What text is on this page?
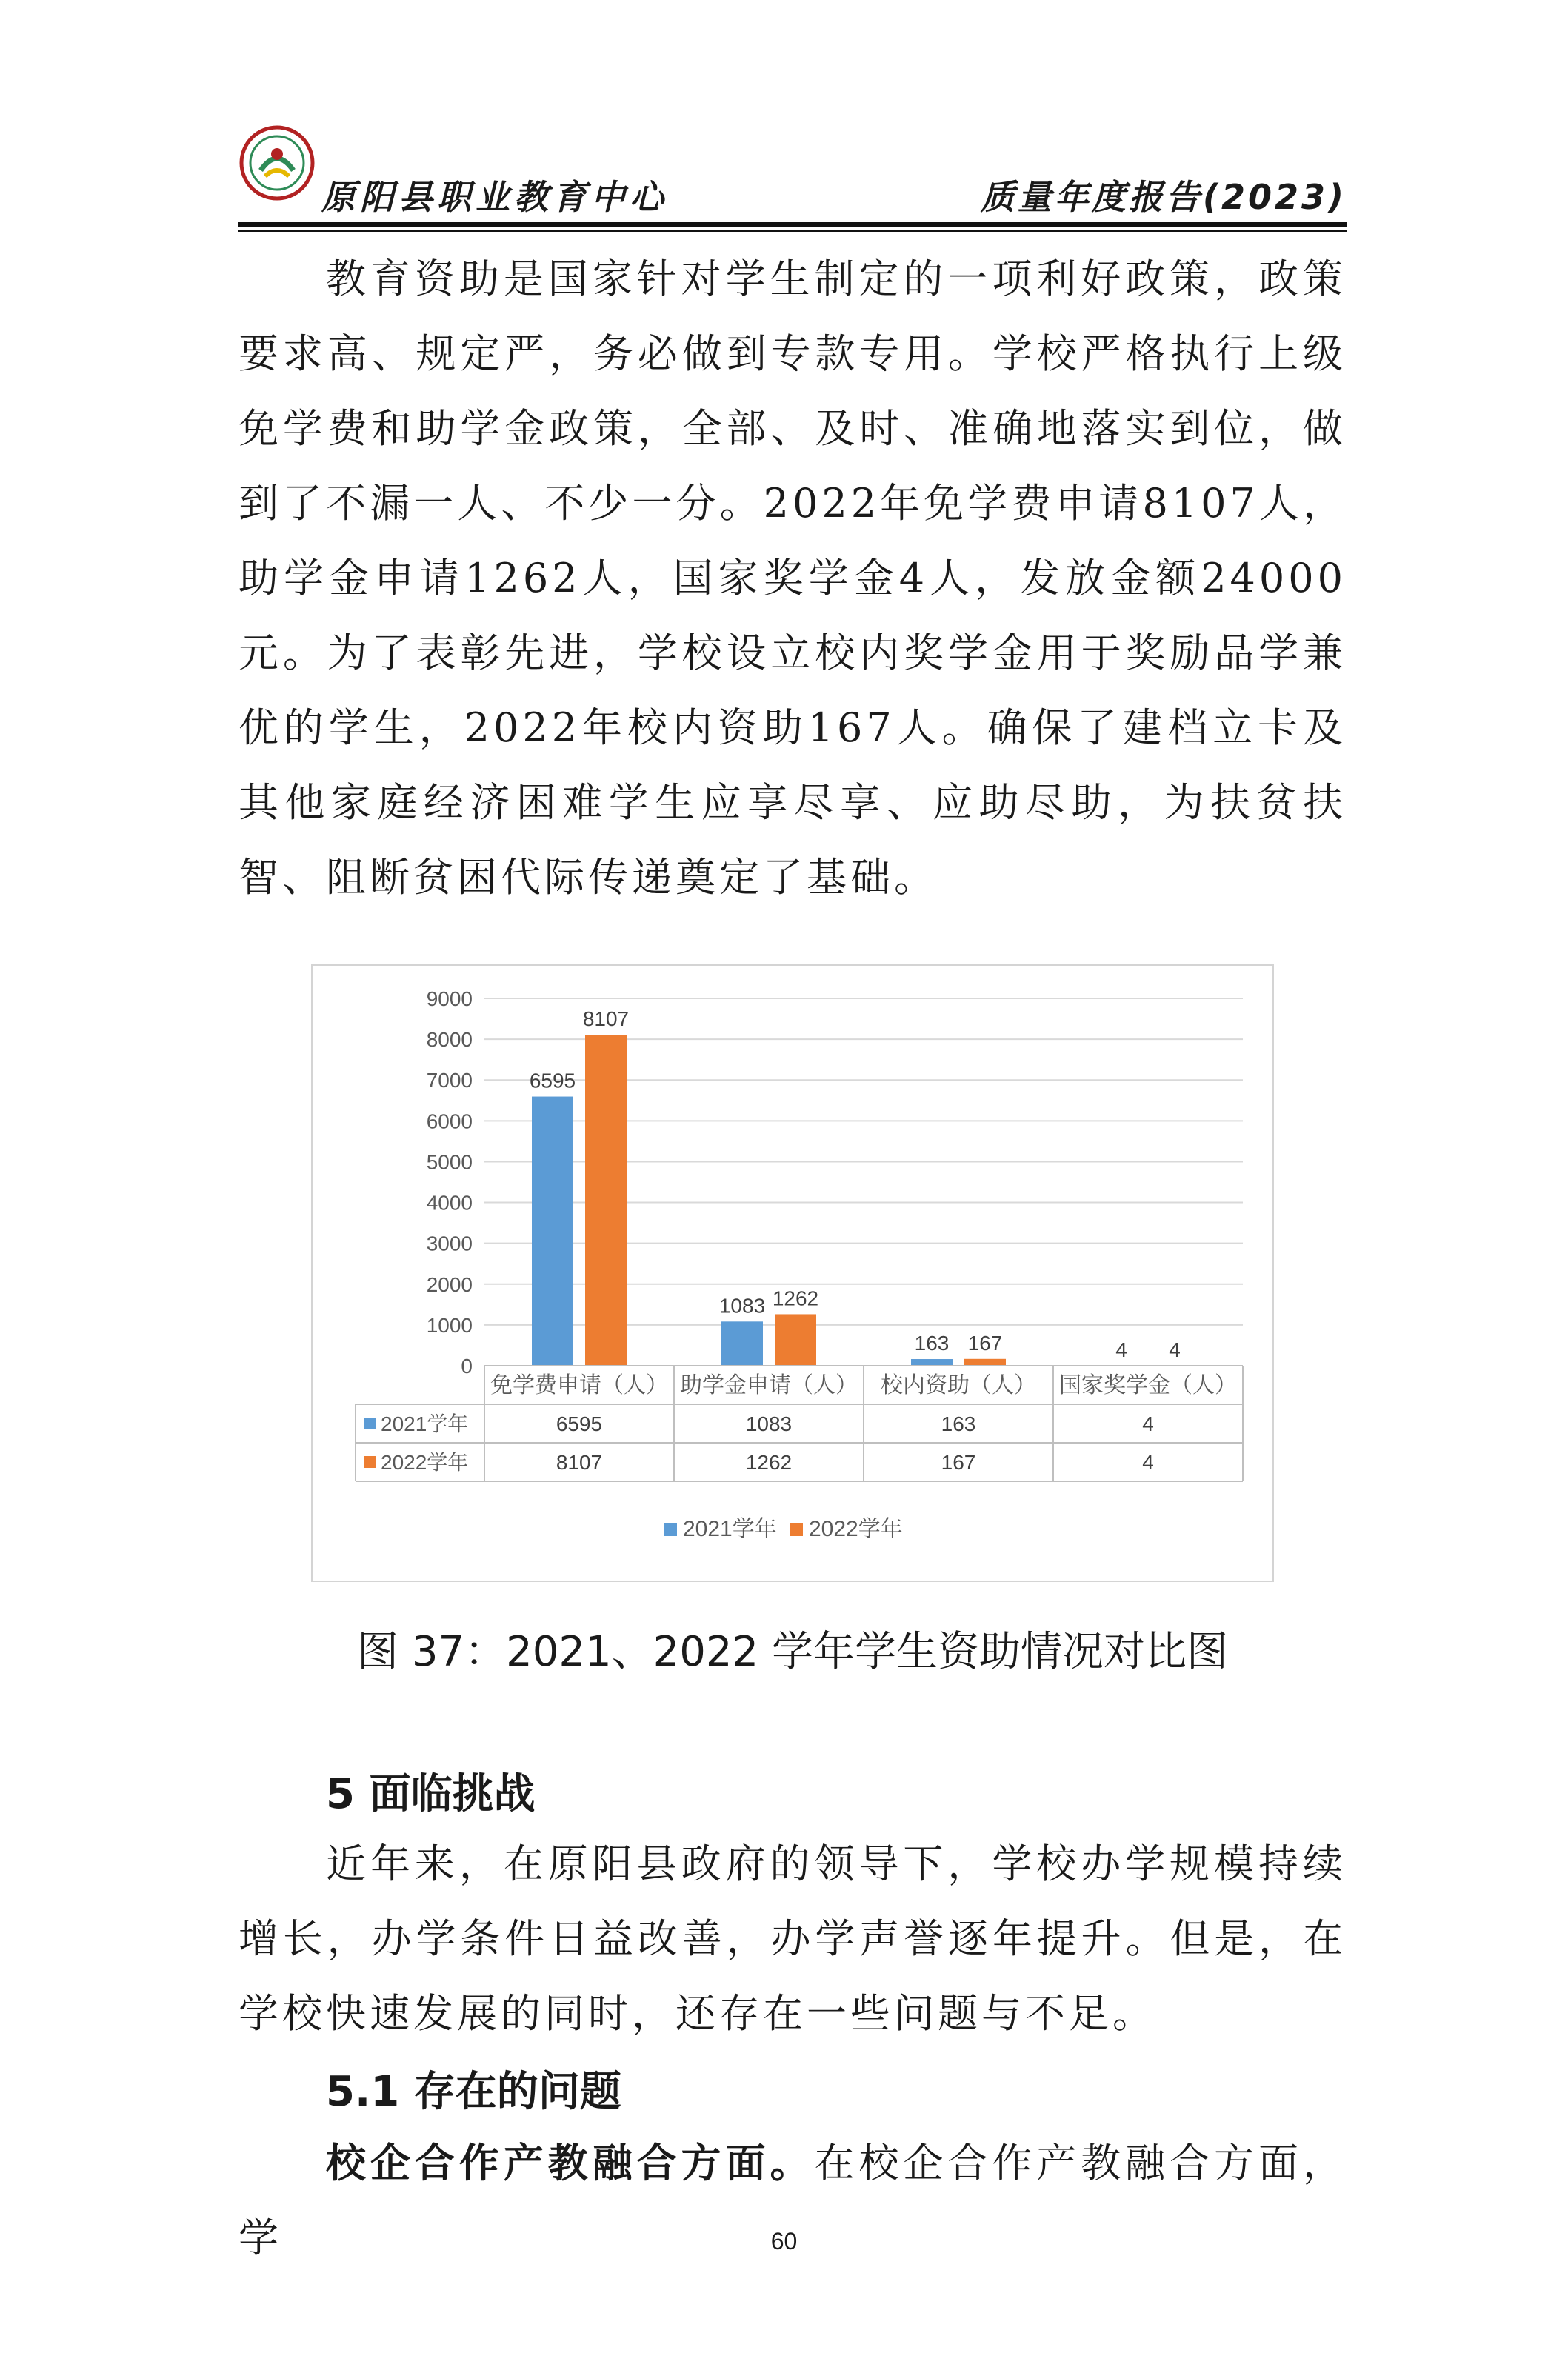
原阳县职业教育中心	质量年度报告(2023)

教育资助是国家针对学生制定的一项利好政策，政策要求高、规定严，务必做到专款专用。学校严格执行上级免学费和助学金政策，全部、及时、准确地落实到位，做到了不漏一人、不少一分。2022年免学费申请8107人，助学金申请1262人，国家奖学金4人，发放金额24000元。为了表彰先进，学校设立校内奖学金用于奖励品学兼优的学生，2022年校内资助167人。确保了建档立卡及其他家庭经济困难学生应享尽享、应助尽助，为扶贫扶智、阻断贫困代际传递奠定了基础。

0
1000
2000
3000
4000
5000
6000
7000
8000
9000
6595
1083
163	4
8107
1262
167	4
免学费申请（人） 助学金申请（人） 校内资助（人） 国家奖学金（人）
2021学年	6595	1083	163	4
2022学年	8107	1262	167	4
2021学年 2022学年
图 37：2021、2022 学年学生资助情况对比图
5 面临挑战

近年来，在原阳县政府的领导下，学校办学规模持续增长，办学条件日益改善，办学声誉逐年提升。但是，在学校快速发展的同时，还存在一些问题与不足。

5.1 存在的问题

校企合作产教融合方面。在校企合作产教融合方面，学	60
